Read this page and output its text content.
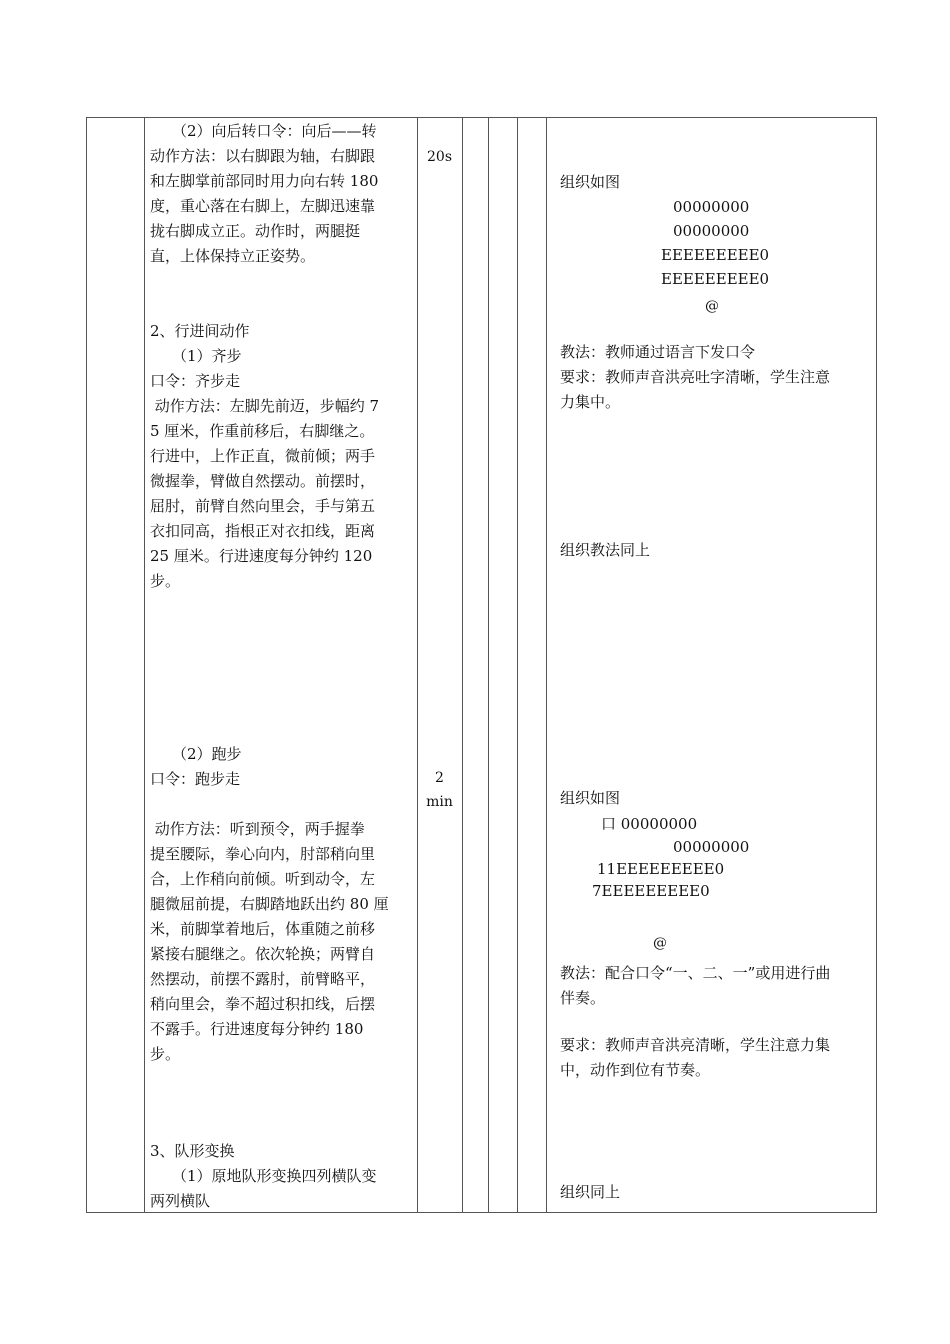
（2）向后转口令：向后——转
动作方法：以右脚跟为轴，右脚跟
和左脚掌前部同时用力向右转 180
度，重心落在右脚上，左脚迅速靠
拢右脚成立正。动作时，两腿挺
直，上体保持立正姿势。
2、行进间动作
（1）齐步
口令：齐步走
动作方法：左脚先前迈，步幅约 7
5 厘米，作重前移后，右脚继之。
行进中，上作正直，微前倾；两手
微握拳，臂做自然摆动。前摆时，
屈肘，前臂自然向里会，手与第五
衣扣同高，指根正对衣扣线，距离
25 厘米。行进速度每分钟约 120
步。
（2）跑步
口令：跑步走
动作方法：听到预令，两手握拳
提至腰际，拳心向内，肘部稍向里
合，上作稍向前倾。听到动令，左
腿微屈前提，右脚踏地跃出约 80 厘
米，前脚掌着地后，体重随之前移
紧接右腿继之。依次轮换；两臂自
然摆动，前摆不露肘，前臂略平，
稍向里会，拳不超过积扣线，后摆
不露手。行进速度每分钟约 180
步。
3、队形变换
（1）原地队形变换四列横队变
两列横队
20s
2
min
组织如图
00000000
00000000
EEEEEEEEE0
EEEEEEEEE0
@
教法：教师通过语言下发口令
要求：教师声音洪亮吐字清晰，学生注意
力集中。
组织教法同上
组织如图
口 00000000
00000000
11EEEEEEEEE0
7EEEEEEEEE0
@
教法：配合口令“一、二、一”或用进行曲
伴奏。
要求：教师声音洪亮清晰，学生注意力集
中，动作到位有节奏。
组织同上
